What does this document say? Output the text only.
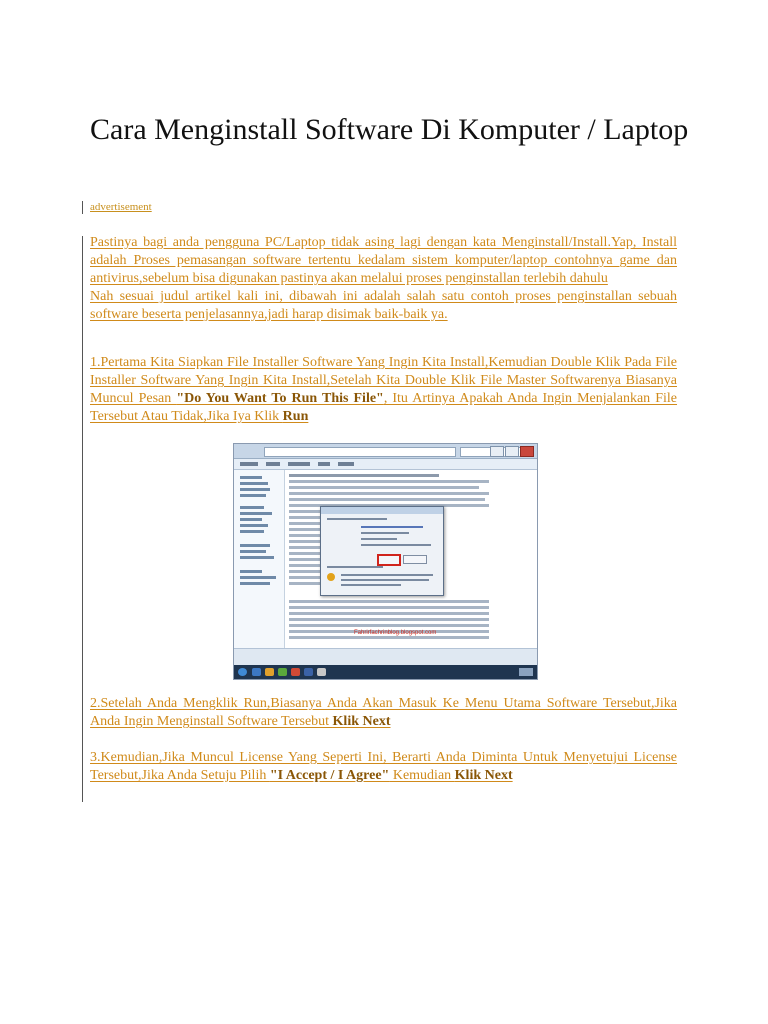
Cara Menginstall Software Di Komputer / Laptop
advertisement

Pastinya bagi anda pengguna PC/Laptop tidak asing lagi dengan kata Menginstall/Install.Yap, Install adalah Proses pemasangan software tertentu kedalam sistem komputer/laptop contohnya game dan antivirus,sebelum bisa digunakan pastinya akan melalui proses penginstallan terlebih dahulu
Nah sesuai judul artikel kali ini, dibawah ini adalah salah satu contoh proses penginstallan sebuah software beserta penjelasannya,jadi harap disimak baik-baik ya.

1.Pertama Kita Siapkan File Installer Software Yang Ingin Kita Install,Kemudian Double Klik Pada File Installer Software Yang Ingin Kita Install,Setelah Kita Double Klik File Master Softwarenya Biasanya Muncul Pesan "Do You Want To Run This File", Itu Artinya Apakah Anda Ingin Menjalankan File Tersebut Atau Tidak,Jika Iya Klik Run

Fahrirfachrinblog.blogspot.com

2.Setelah Anda Mengklik Run,Biasanya Anda Akan Masuk Ke Menu Utama Software Tersebut,Jika Anda Ingin Menginstall Software Tersebut Klik Next

3.Kemudian,Jika Muncul License Yang Seperti Ini, Berarti Anda Diminta Untuk Menyetujui License Tersebut,Jika Anda Setuju Pilih "I Accept / I Agree" Kemudian Klik Next
